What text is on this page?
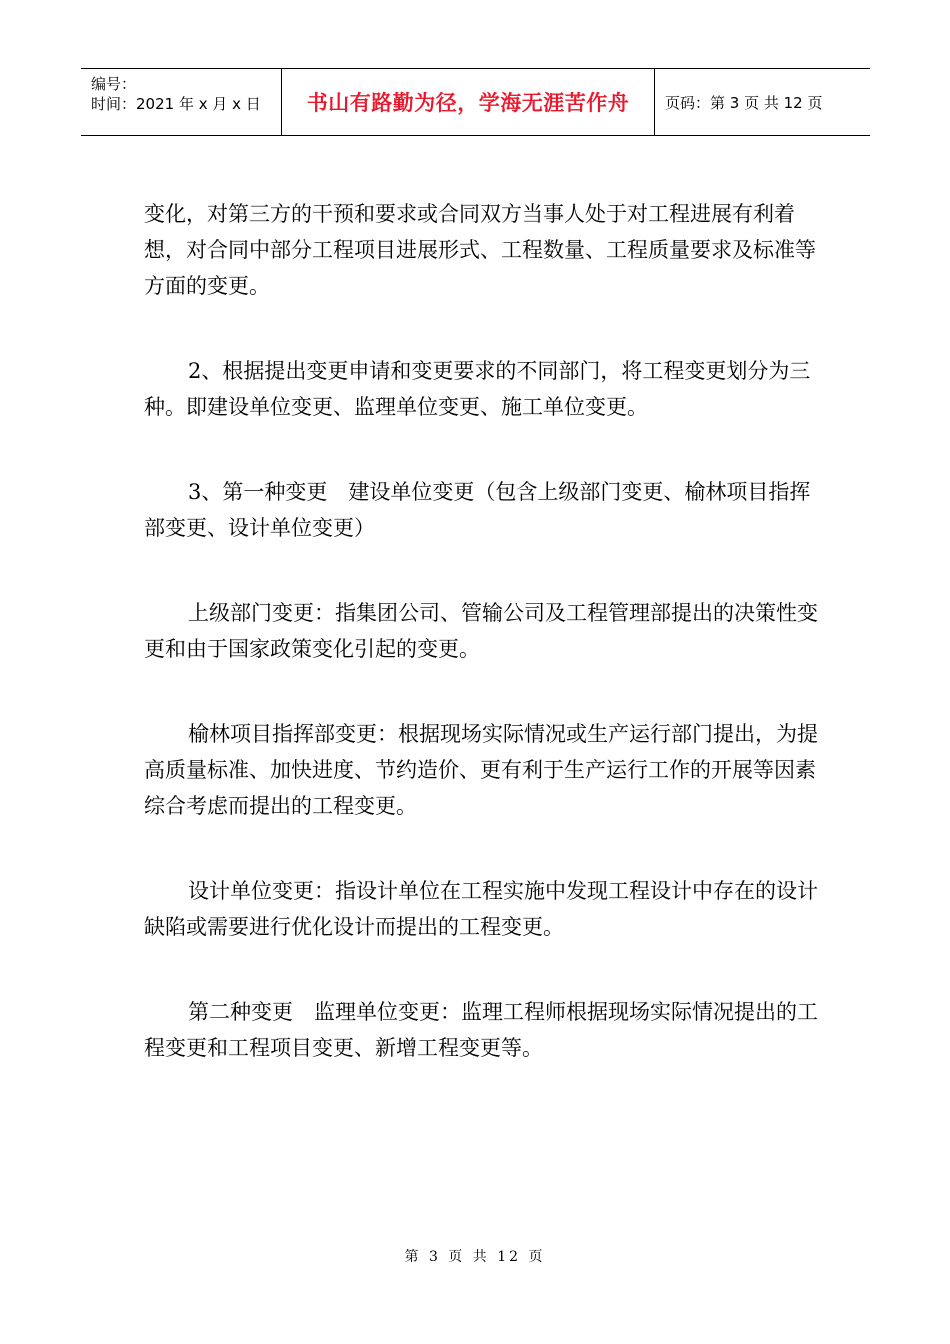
编号：
时间：2021 年 x 月 x 日	书山有路勤为径，学海无涯苦作舟	页码：第 3 页 共 12 页

变化，对第三方的干预和要求或合同双方当事人处于对工程进展有利着想，对合同中部分工程项目进展形式、工程数量、工程质量要求及标准等方面的变更。

2、根据提出变更申请和变更要求的不同部门，将工程变更划分为三种。即建设单位变更、监理单位变更、施工单位变更。

3、第一种变更　建设单位变更（包含上级部门变更、榆林项目指挥部变更、设计单位变更）

上级部门变更：指集团公司、管输公司及工程管理部提出的决策性变更和由于国家政策变化引起的变更。

榆林项目指挥部变更：根据现场实际情况或生产运行部门提出，为提高质量标准、加快进度、节约造价、更有利于生产运行工作的开展等因素综合考虑而提出的工程变更。

设计单位变更：指设计单位在工程实施中发现工程设计中存在的设计缺陷或需要进行优化设计而提出的工程变更。

第二种变更　监理单位变更：监理工程师根据现场实际情况提出的工程变更和工程项目变更、新增工程变更等。

第 3 页 共 12 页
